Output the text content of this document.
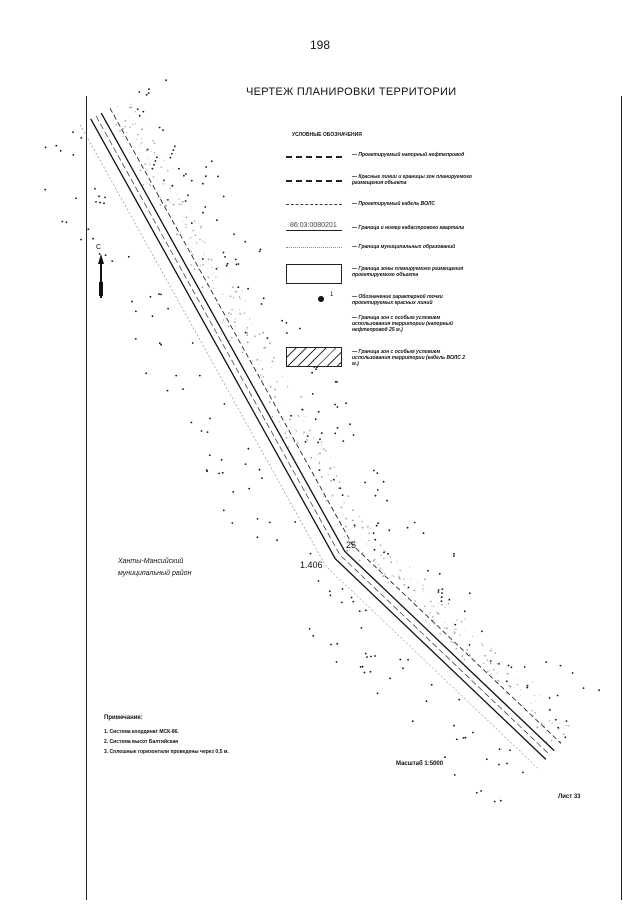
198
ЧЕРТЕЖ ПЛАНИРОВКИ ТЕРРИТОРИИ
25
1.406
С
УСЛОВНЫЕ ОБОЗНАЧЕНИЯ
— Проектируемый напорный нефтепровод
— Красные линии и границы зон планируемого размещения объекта
— Проектируемый кабель ВОЛС
86:03:0080201	— Граница и номер кадастрового квартала
— Граница муниципальных образований
— Граница зоны планируемого размещения проектируемого объекта
1	— Обозначение характерной точки проектируемых красных линий
— Граница зон с особым условием использования территории (напорный нефтепровод 25 м.)
— Граница зон с особым условием использования территории (кабель ВОЛС 2 м.)
Ханты-Мансийский
муниципальный район
Примечание:
1. Система координат МСК-86.
2. Система высот Балтийская
3. Сплошные горизонтали проведены через 0,5 м.
Масштаб 1:5000
Лист 33
